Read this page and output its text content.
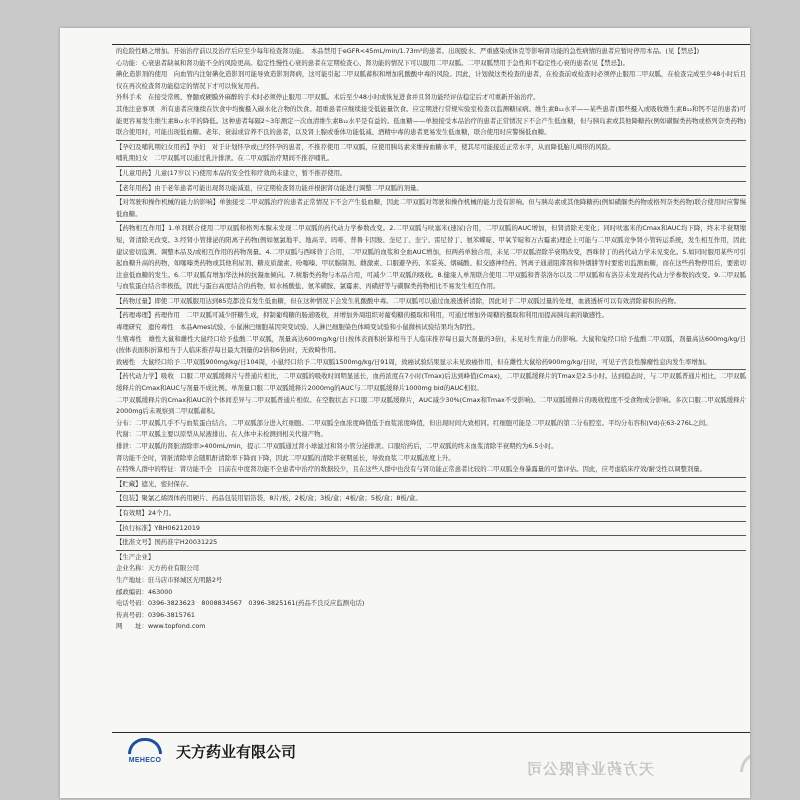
的危险性略之增加。开始治疗前以及治疗后应至少每年检查肾功能。　本品禁用于eGFR<45mL/min/1.73m²的患者。出现脱水、严重感染或休克等影响肾功能的急性病情的患者应暂时停用本品。(见【禁忌】)

心功能：心衰患者缺氧和肾功能不全的风险更高。稳定性慢性心衰的患者在定期检查心、肾功能的情况下可以服用二甲双胍。二甲双胍禁用于急性和不稳定性心衰的患者(见【禁忌】)。

碘化造影剂的使用　向血管内注射碘化造影剂可能导致造影剂肾病，这可能引起二甲双胍蓄积和增加乳酸酸中毒的风险。因此，计划做这类检查的患者，在检查前或检查时必须停止服用二甲双胍，在检查完成至少48小时后且仅在再次检查肾功能稳定的情况下才可以恢复用药。

外科手术　在接受常规、脊髓或硬膜外麻醉的手术时必须停止服用二甲双胍。术后至少48小时或恢复进食并且肾功能经评估稳定后才可重新开始治疗。

其他注意事项　所有患者应继续在饮食中均衡摄入碳水化合物的饮食。超重患者应继续接受低能量饮食。应定期进行常规实验室检查以监测糖尿病。维生素B₁₂水平——某些患者(那些摄入或吸收维生素B₁₂和钙不足的患者)可能更容易发生维生素B₁₂水平的降低。这种患者每隔2~3年测定一次血清维生素B₁₂水平是有益的。低血糖——单独接受本品治疗的患者正常情况下不会产生低血糖，但与胰岛素或其他降糖药(例如磺脲类药物或格列奈类药物)联合使用时，可能出现低血糖。老年、衰弱或营养不良的患者，以及肾上腺或垂体功能低减、酒精中毒的患者更易发生低血糖，联合使用时应警惕低血糖。

【孕妇及哺乳期妇女用药】孕妇　对于计划怀孕或已经怀孕的患者，不推荐使用二甲双胍，应使用胰岛素来维持血糖水平，使其尽可能接近正常水平，从而降低胎儿畸形的风险。

哺乳期妇女　二甲双胍可以通过乳汁排泄。在二甲双胍治疗期间不推荐哺乳。

【儿童用药】儿童(17岁以下)使用本品的安全性和疗效尚未建立，暂不推荐使用。

【老年用药】由于老年患者可能出现肾功能减退，应定期检查肾功能并根据肾功能进行调整二甲双胍的剂量。

【对驾驶和操作机械的能力的影响】单独接受二甲双胍治疗的患者正常情况下不会产生低血糖，因此二甲双胍对驾驶和操作机械的能力没有影响。但与胰岛素或其他降糖药(例如磺脲类药物或格列奈类药物)联合使用时应警惕低血糖。

【药物相互作用】1.单剂联合使用二甲双胍和格列本脲未发现二甲双胍的药代动力学参数改变。2.二甲双胍与呋塞米(速尿)合用，二甲双胍的AUC增加，但肾清除无变化；同时呋塞米的Cmax和AUC均下降，终末半衰期缩短，肾清除无改变。3.经肾小管排泌的阳离子药物(例如氨氯地平、地高辛、吗啡、普鲁卡因胺、奎尼丁、奎宁、雷尼替丁、氨苯蝶啶、甲氧苄啶和万古霉素)理论上可能与二甲双胍竞争肾小管转运系统，发生相互作用，因此建议密切监测、调整本品及/或相互作用的药物剂量。4.二甲双胍与西咪替丁合用，二甲双胍的血浆和全血AUC增加，但两药单独合用，未见二甲双胍清除半衰期改变，西咪替丁的药代动力学未见变化。5.如同时服用某些可引起血糖升高的药物，如噻嗪类药物或其他利尿剂、糖皮质激素、吩噻嗪、甲状腺制剂、雌激素、口服避孕药、苯妥英、烟碱酸、拟交感神经药、钙离子通道阻滞剂和异烟肼等时要密切监测血糖，而在这些药物停用后，要密切注意低血糖的发生。6.二甲双胍有增加华法林的抗凝血倾向。7.树脂类药物与本品合用，可减少二甲双胍的吸收。8.健康人单剂联合使用二甲双胍和普萘洛尔以及二甲双胍和布洛芬未发现药代动力学参数的改变。9.二甲双胍与血浆蛋白结合率极低，因此与蛋白高度结合的药物，如水杨酸盐、氨苯磺胺、氯霉素、丙磺舒等与磺脲类药物相比不易发生相互作用。

【药物过量】即使二甲双胍服用达到85克都没有发生低血糖，但在这种情况下会发生乳酸酸中毒。二甲双胍可以通过血液透析清除，因此对于二甲双胍过量的处理，血液透析可以有效清除蓄积的药物。

【药理毒理】药理作用　二甲双胍可减少肝糖生成，抑制葡萄糖的肠道吸收，并增加外周组织对葡萄糖的摄取和利用，可通过增加外周糖的摄取和利用而提高胰岛素的敏感性。

毒理研究　遗传毒性　本品Ames试验、小鼠淋巴细胞基因突变试验、人淋巴细胞染色体畸变试验和小鼠微核试验结果均为阴性。

生殖毒性　雄性大鼠和雌性大鼠经口给予盐酸二甲双胍，剂量高达600mg/kg/日(按体表面积折算相当于人临床推荐每日最大剂量的3倍)，未见对生育能力的影响。大鼠和兔经口给予盐酸二甲双胍，剂量高达600mg/kg/日(按体表面积折算相当于人临床推荐每日最大剂量的2倍和6倍)时，无致畸作用。

致癌性　大鼠经口给予二甲双胍900mg/kg/日104周，小鼠经口给予二甲双胍1500mg/kg/日91周，致癌试验结果显示未见致癌作用，但在雌性大鼠给药900mg/kg/日时，可见子宫良性腺瘤性息肉发生率增加。

【药代动力学】吸收　口服二甲双胍缓释片与普通片相比，二甲双胍的吸收时间明显延长，血药浓度在7小时(Tmax)后达到峰值(Cmax)，二甲双胍缓释片的Tmax是2.5小时。达到稳态时，与二甲双胍普通片相比，二甲双胍缓释片的Cmax和AUC与剂量不成比例。单剂量口服二甲双胍缓释片2000mg的AUC与二甲双胍缓释片1000mg bid的AUC相似。

二甲双胍缓释片的Cmax和AUC的个体间差异与二甲双胍普通片相似。在空腹状态下口服二甲双胍缓释片，AUC减少30%(Cmax和Tmax不受影响)。二甲双胍缓释片的吸收程度不受食物成分影响。多次口服二甲双胍缓释片2000mg后未观察到二甲双胍蓄积。

分布：二甲双胍几乎不与血浆蛋白结合。二甲双胍部分进入红细胞。二甲双胍全血浓度峰值低于血浆浓度峰值，但出现时间大致相同。红细胞可能是二甲双胍的第二分布腔室。平均分布容积(Vd)在63-276L之间。

代谢：二甲双胍主要以原型从尿液排出。在人体中未检测到相关代谢产物。

排泄：二甲双胍的肾脏清除率>400mL/min，提示二甲双胍通过肾小球滤过和肾小管分泌排泄。口服给药后，二甲双胍的终末血浆清除半衰期约为6.5小时。

肾功能不全时，肾脏清除率会随肌酐清除率下降而下降，因此二甲双胍的清除半衰期延长，导致血浆二甲双胍浓度上升。

在特殊人群中的特征：肾功能不全　目前在中度肾功能不全患者中治疗的数据较少，且在这些人群中也没有与肾功能正常患者比较的二甲双胍全身暴露量的可靠评估。因此，应考虑临床疗效/耐受性以调整剂量。

【贮藏】遮光，密封保存。

【包装】聚氯乙烯固体药用硬片、药品包装用铝箔袋，8片/板，2板/盒；3板/盒；4板/盒；5板/盒；8板/盒。

【有效期】24个月。

【执行标准】YBH06212019

【批准文号】国药准字H20031225

【生产企业】

企业名称：天方药业有限公司

生产地址：驻马店市驿城区光明路2号

邮政编码：463000

电话号码：0396-3823623　8008834567　0396-3825161(药品不良反应监测电话)

传真号码：0396-3815761

网　　址：www.topfond.com

MEHECO 天方药业有限公司
天方药业有限公司
